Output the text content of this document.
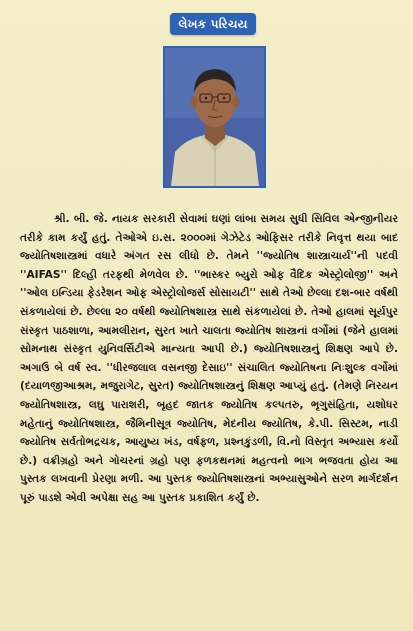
લેખક પરિચય

શ્રી. બી. જે. નાયક સરકારી સેવામાં ઘણાં લાંબા સમય સુધી સિવિલ એન્જીનીયર તરીકે કામ કર્યું હતું. તેઓએ ઇ.સ. ૨૦૦૦માં ગેઝેટેડ ઓફિસર તરીકે નિવૃત્ત થયા બાદ જ્યોતિષશાસ્ત્રમાં વધારે અંગત રસ લીધો છે. તેમને ''જ્યોતિષ શાસ્ત્રાચાર્ય''ની પદવી ''AIFAS'' દિલ્હી તરફથી મેળવેલ છે. ''ભાસ્કર બ્યુરો ઓફ વૈદિક એસ્ટ્રોલોજી'' અને ''ઓલ ઇન્ડિયા ફેડરેશન ઓફ એસ્ટ્રોલોજર્સ સોસાયટી'' સાથે તેઓ છેલ્લા દશ-બાર વર્ષથી સંકળાયેલાં છે. છેલ્લા ૨૦ વર્ષથી જ્યોતિષશાસ્ત્ર સાથે સંકળાયેલાં છે. તેઓ હાલમાં સૂર્યપુર સંસ્કૃત પાઠશાળા, આમલીરાન, સુરત ખાતે ચાલતા જ્યોતિષ શાસ્ત્રનાં વર્ગોમાં (જેને હાલમાં સોમનાથ સંસ્કૃત યુનિવર્સિટીએ માન્યતા આપી છે.) જ્યોતિષશાસ્ત્રનું શિક્ષણ આપે છે. અગાઉ બે વર્ષ સ્વ. ''ધીરજલાલ વસનજી દેસાઇ'' સંચાલિત જ્યોતિષના નિઃશુલ્ક વર્ગોમાં (દયાળજીઆશ્રમ, મજુરાગેટ, સુરત) જ્યોતિષશાસ્ત્રનું શિક્ષણ આપ્યું હતું. (તેમણે નિરયન જ્યોતિષશાસ્ત્ર, લઘુ પારાશરી, બૃહદ જાતક જ્યોતિષ કલ્પતરુ, ભૃગુસંહિતા, યશોધર મહેતાનું જ્યોતિષશાસ્ત્ર, જૈમિનીસૂત્ર જ્યોતિષ, મેદનીય જ્યોતિષ, કે.પી. સિસ્ટમ, નાડી જ્યોતિષ સર્વતોભદ્રચક, આયુષ્ય ખંડ, વર્ષફળ, પ્રશ્નકુંડળી, વિ.નો વિસ્તૃત અભ્યાસ કર્યો છે.) વક્રીગ્રહો અને ગોચરનાં ગ્રહો પણ ફળકથનમાં મહત્વનો ભાગ ભજવતા હોય આ પુસ્તક લખવાની પ્રેરણા મળી. આ પુસ્તક જ્યોતિષશાસ્ત્રનાં અભ્યાસુઓને સરળ માર્ગદર્શન પૂરું પાડશે એવી અપેક્ષા સહ આ પુસ્તક પ્રકાશિત કર્યું છે.
